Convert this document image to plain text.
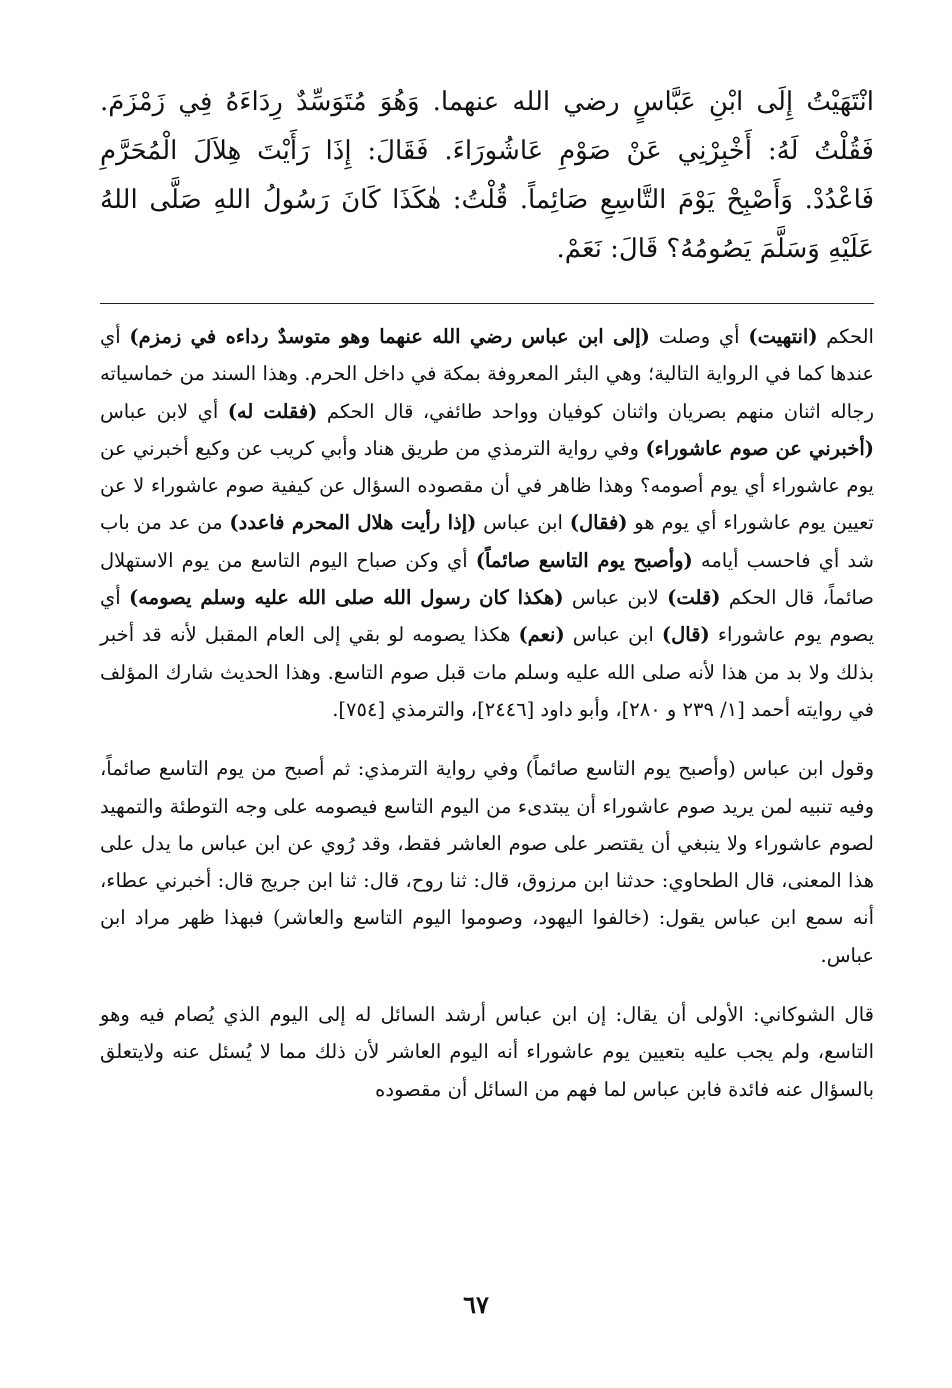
انْتَهَيْتُ إِلَى ابْنِ عَبَّاسٍ رضي الله عنهما. وَهُوَ مُتَوَسِّدٌ رِدَاءَهُ فِي زَمْزَمَ. فَقُلْتُ لَهُ: أَخْبِرْنِي عَنْ صَوْمِ عَاشُورَاءَ. فَقَالَ: إِذَا رَأَيْتَ هِلاَلَ الْمُحَرَّمِ فَاعْدُدْ. وَأَصْبِحْ يَوْمَ التَّاسِعِ صَائِماً. قُلْتُ: هٰكَذَا كَانَ رَسُولُ اللهِ صَلَّى اللهُ عَلَيْهِ وَسَلَّمَ يَصُومُهُ؟ قَالَ: نَعَمْ.

الحكم (انتهيت) أي وصلت (إلى ابن عباس رضي الله عنهما وهو متوسدٌ رداءه في زمزم) أي عندها كما في الرواية التالية؛ وهي البئر المعروفة بمكة في داخل الحرم. وهذا السند من خماسياته رجاله اثنان منهم بصريان واثنان كوفيان وواحد طائفي، قال الحكم (فقلت له) أي لابن عباس (أخبرني عن صوم عاشوراء) وفي رواية الترمذي من طريق هناد وأبي كريب عن وكيع أخبرني عن يوم عاشوراء أي يوم أصومه؟ وهذا ظاهر في أن مقصوده السؤال عن كيفية صوم عاشوراء لا عن تعيين يوم عاشوراء أي يوم هو (فقال) ابن عباس (إذا رأيت هلال المحرم فاعدد) من عد من باب شد أي فاحسب أيامه (وأصبح يوم التاسع صائماً) أي وكن صباح اليوم التاسع من يوم الاستهلال صائماً، قال الحكم (قلت) لابن عباس (هكذا كان رسول الله صلى الله عليه وسلم يصومه) أي يصوم يوم عاشوراء (قال) ابن عباس (نعم) هكذا يصومه لو بقي إلى العام المقبل لأنه قد أخبر بذلك ولا بد من هذا لأنه صلى الله عليه وسلم مات قبل صوم التاسع. وهذا الحديث شارك المؤلف في روايته أحمد [١/ ٢٣٩ و ٢٨٠]، وأبو داود [٢٤٤٦]، والترمذي [٧٥٤].

وقول ابن عباس (وأصبح يوم التاسع صائماً) وفي رواية الترمذي: ثم أصبح من يوم التاسع صائماً، وفيه تنبيه لمن يريد صوم عاشوراء أن يبتدىء من اليوم التاسع فيصومه على وجه التوطئة والتمهيد لصوم عاشوراء ولا ينبغي أن يقتصر على صوم العاشر فقط، وقد رُوي عن ابن عباس ما يدل على هذا المعنى، قال الطحاوي: حدثنا ابن مرزوق، قال: ثنا روح، قال: ثنا ابن جريج قال: أخبرني عطاء، أنه سمع ابن عباس يقول: (خالفوا اليهود، وصوموا اليوم التاسع والعاشر) فبهذا ظهر مراد ابن عباس.

قال الشوكاني: الأولى أن يقال: إن ابن عباس أرشد السائل له إلى اليوم الذي يُصام فيه وهو التاسع، ولم يجب عليه بتعيين يوم عاشوراء أنه اليوم العاشر لأن ذلك مما لا يُسئل عنه ولايتعلق بالسؤال عنه فائدة فابن عباس لما فهم من السائل أن مقصوده

٦٧
